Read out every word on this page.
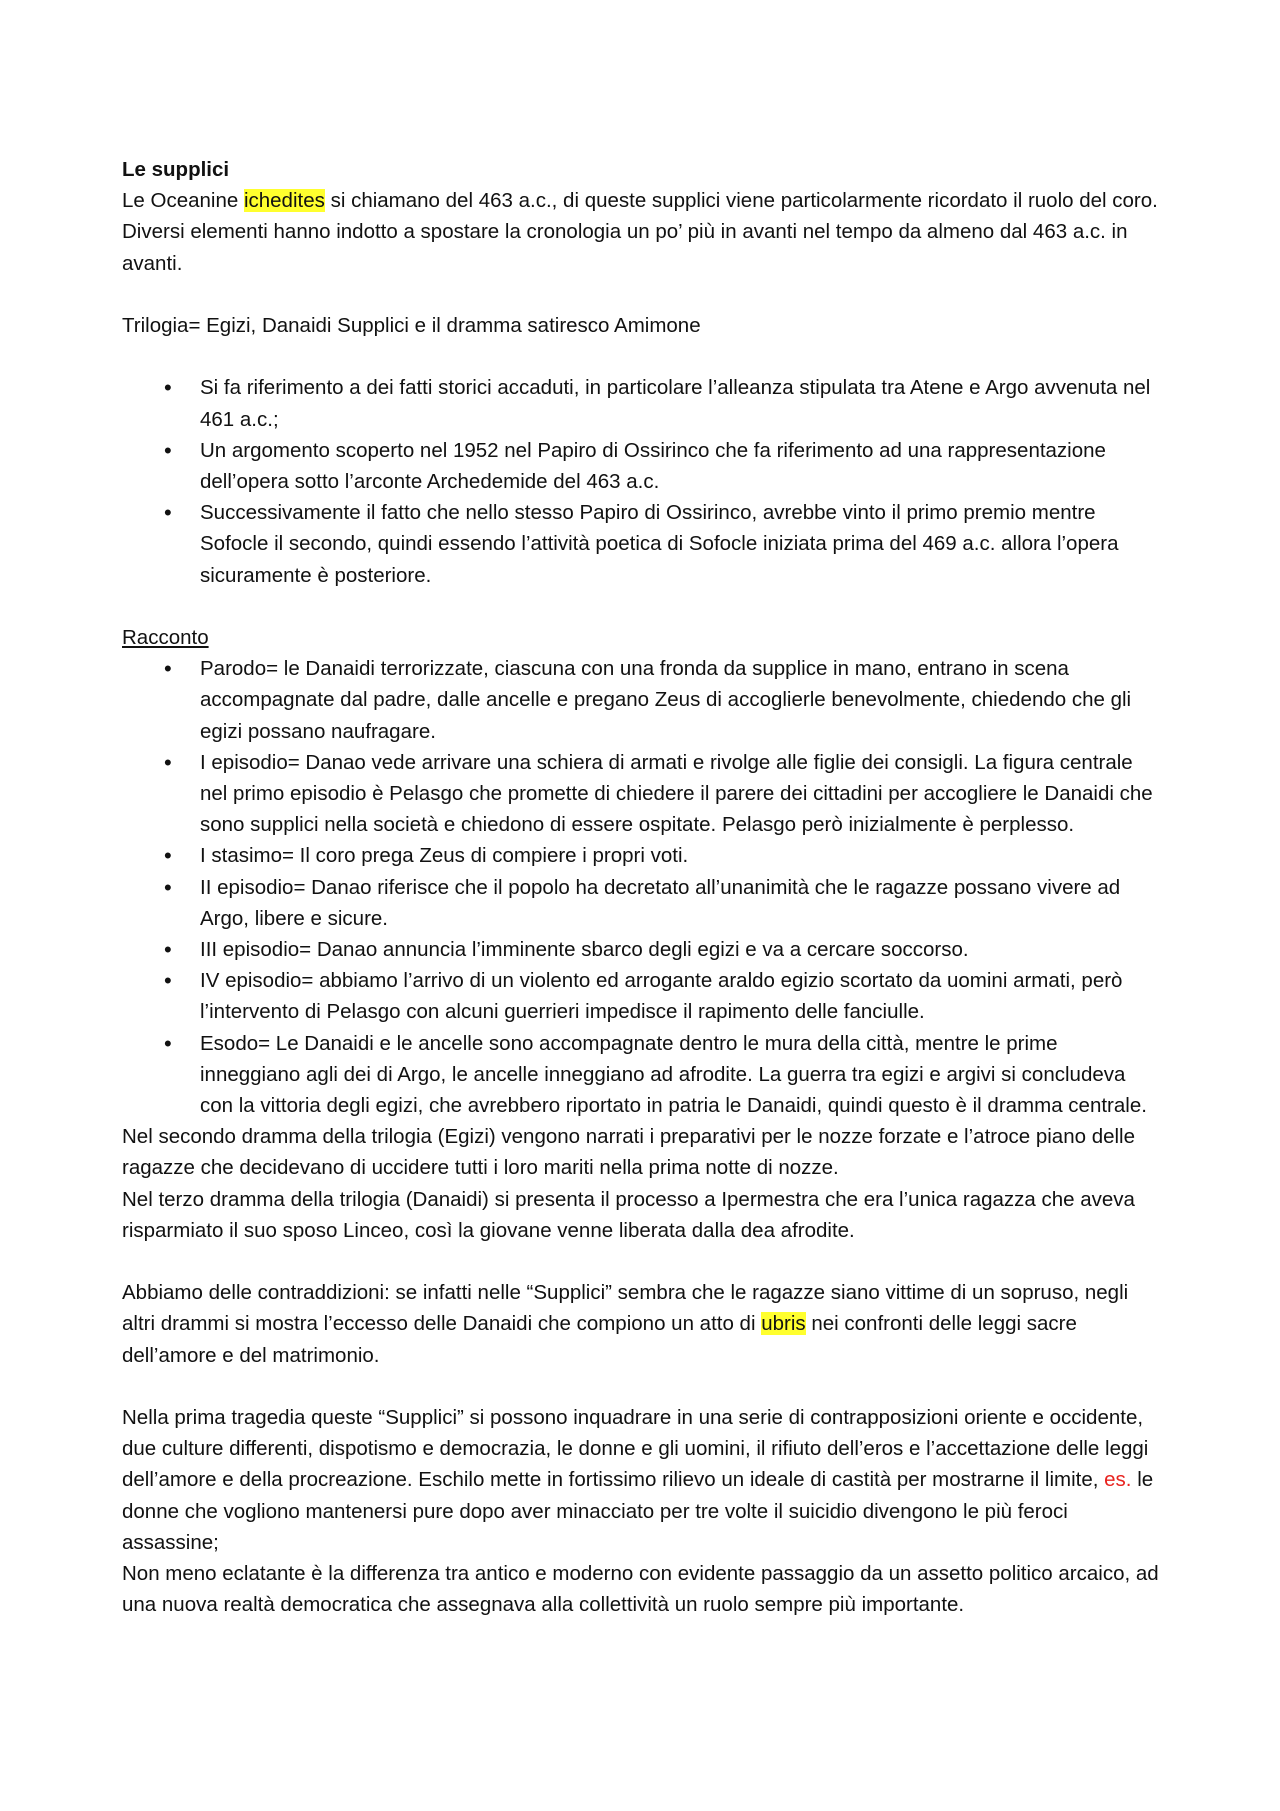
Le supplici

Le Oceanine ichedites si chiamano del 463 a.c., di queste supplici viene particolarmente ricordato il ruolo del coro. Diversi elementi hanno indotto a spostare la cronologia un po’ più in avanti nel tempo da almeno dal 463 a.c. in avanti.

Trilogia= Egizi, Danaidi Supplici e il dramma satiresco Amimone

• Si fa riferimento a dei fatti storici accaduti, in particolare l’alleanza stipulata tra Atene e Argo avvenuta nel 461 a.c.;
• Un argomento scoperto nel 1952 nel Papiro di Ossirinco che fa riferimento ad una rappresentazione dell’opera sotto l’arconte Archedemide del 463 a.c.
• Successivamente il fatto che nello stesso Papiro di Ossirinco, avrebbe vinto il primo premio mentre Sofocle il secondo, quindi essendo l’attività poetica di Sofocle iniziata prima del 469 a.c. allora l’opera sicuramente è posteriore.

Racconto

• Parodo= le Danaidi terrorizzate, ciascuna con una fronda da supplice in mano, entrano in scena accompagnate dal padre, dalle ancelle e pregano Zeus di accoglierle benevolmente, chiedendo che gli egizi possano naufragare.
• I episodio= Danao vede arrivare una schiera di armati e rivolge alle figlie dei consigli. La figura centrale nel primo episodio è Pelasgo che promette di chiedere il parere dei cittadini per accogliere le Danaidi che sono supplici nella società e chiedono di essere ospitate. Pelasgo però inizialmente è perplesso.
• I stasimo= Il coro prega Zeus di compiere i propri voti.
• II episodio= Danao riferisce che il popolo ha decretato all’unanimità che le ragazze possano vivere ad Argo, libere e sicure.
• III episodio= Danao annuncia l’imminente sbarco degli egizi e va a cercare soccorso.
• IV episodio= abbiamo l’arrivo di un violento ed arrogante araldo egizio scortato da uomini armati, però l’intervento di Pelasgo con alcuni guerrieri impedisce il rapimento delle fanciulle.
• Esodo= Le Danaidi e le ancelle sono accompagnate dentro le mura della città, mentre le prime inneggiano agli dei di Argo, le ancelle inneggiano ad afrodite. La guerra tra egizi e argivi si concludeva con la vittoria degli egizi, che avrebbero riportato in patria le Danaidi, quindi questo è il dramma centrale.

Nel secondo dramma della trilogia (Egizi) vengono narrati i preparativi per le nozze forzate e l’atroce piano delle ragazze che decidevano di uccidere tutti i loro mariti nella prima notte di nozze.

Nel terzo dramma della trilogia (Danaidi) si presenta il processo a Ipermestra che era l’unica ragazza che aveva risparmiato il suo sposo Linceo, così la giovane venne liberata dalla dea afrodite.

Abbiamo delle contraddizioni: se infatti nelle “Supplici” sembra che le ragazze siano vittime di un sopruso, negli altri drammi si mostra l’eccesso delle Danaidi che compiono un atto di ubris nei confronti delle leggi sacre dell’amore e del matrimonio.

Nella prima tragedia queste “Supplici” si possono inquadrare in una serie di contrapposizioni oriente e occidente, due culture differenti, dispotismo e democrazia, le donne e gli uomini, il rifiuto dell’eros e l’accettazione delle leggi dell’amore e della procreazione. Eschilo mette in fortissimo rilievo un ideale di castità per mostrarne il limite, es. le donne che vogliono mantenersi pure dopo aver minacciato per tre volte il suicidio divengono le più feroci assassine;

Non meno eclatante è la differenza tra antico e moderno con evidente passaggio da un assetto politico arcaico, ad una nuova realtà democratica che assegnava alla collettività un ruolo sempre più importante.
